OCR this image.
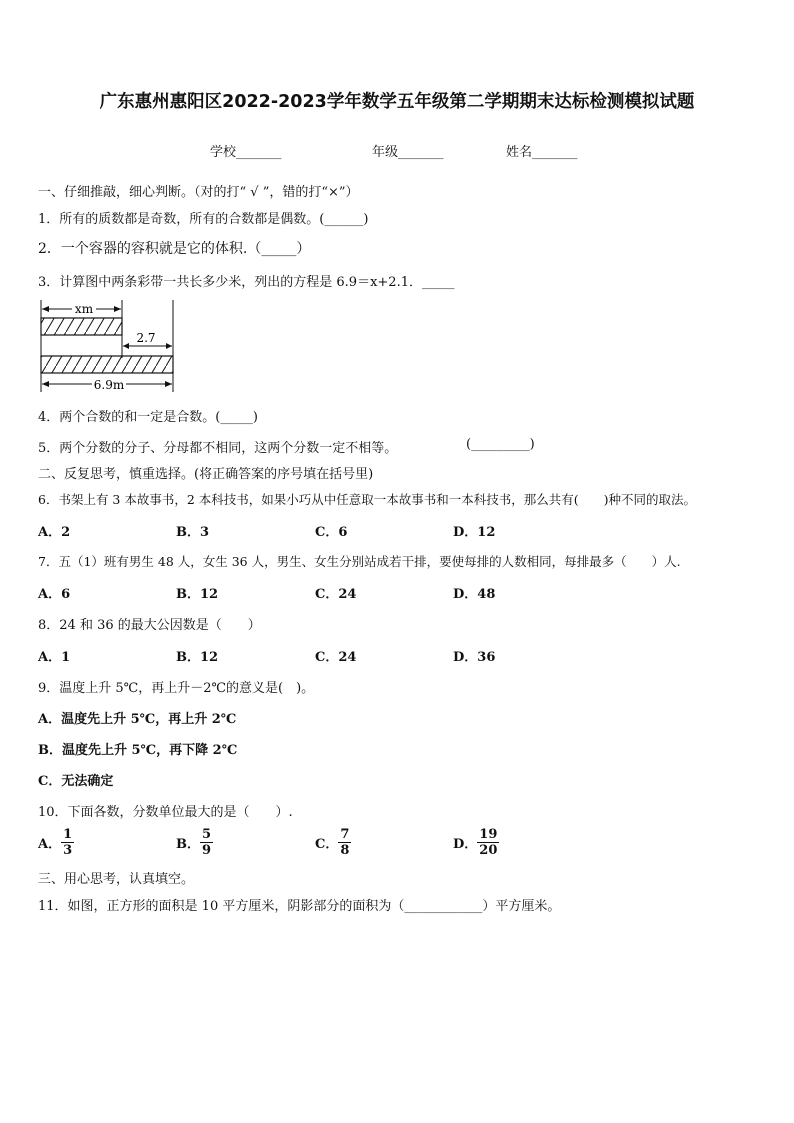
广东惠州惠阳区2022-2023学年数学五年级第二学期期末达标检测模拟试题
学校_______	年级_______	姓名_______
一、仔细推敲，细心判断。（对的打“ √ ”，错的打“×”）
1．所有的质数都是奇数，所有的合数都是偶数。(______)
2．一个容器的容积就是它的体积.（_____）
3．计算图中两条彩带一共长多少米，列出的方程是 6.9＝x+2.1．_____
xm
2.7
6.9m
4．两个合数的和一定是合数。(_____)
5．两个分数的分子、分母都不相同，这两个分数一定不相等。	(_________)
二、反复思考，慎重选择。(将正确答案的序号填在括号里)
6．书架上有 3 本故事书，2 本科技书，如果小巧从中任意取一本故事书和一本科技书，那么共有(　　)种不同的取法。
A．2	B．3	C．6	D．12
7．五（1）班有男生 48 人，女生 36 人，男生、女生分别站成若干排，要使每排的人数相同，每排最多（　　）人.
A．6	B．12	C．24	D．48
8．24 和 36 的最大公因数是（　　）
A．1	B．12	C．24	D．36
9．温度上升 5℃，再上升－2℃的意义是(　)。
A．温度先上升 5℃，再上升 2℃
B．温度先上升 5℃，再下降 2℃
C．无法确定
10．下面各数，分数单位最大的是（　　）.
A． $\frac{1}{3}$	B． $\frac{5}{9}$	C． $\frac{7}{8}$	D． $\frac{19}{20}$
三、用心思考，认真填空。
11．如图，正方形的面积是 10 平方厘米，阴影部分的面积为（____________）平方厘米。
